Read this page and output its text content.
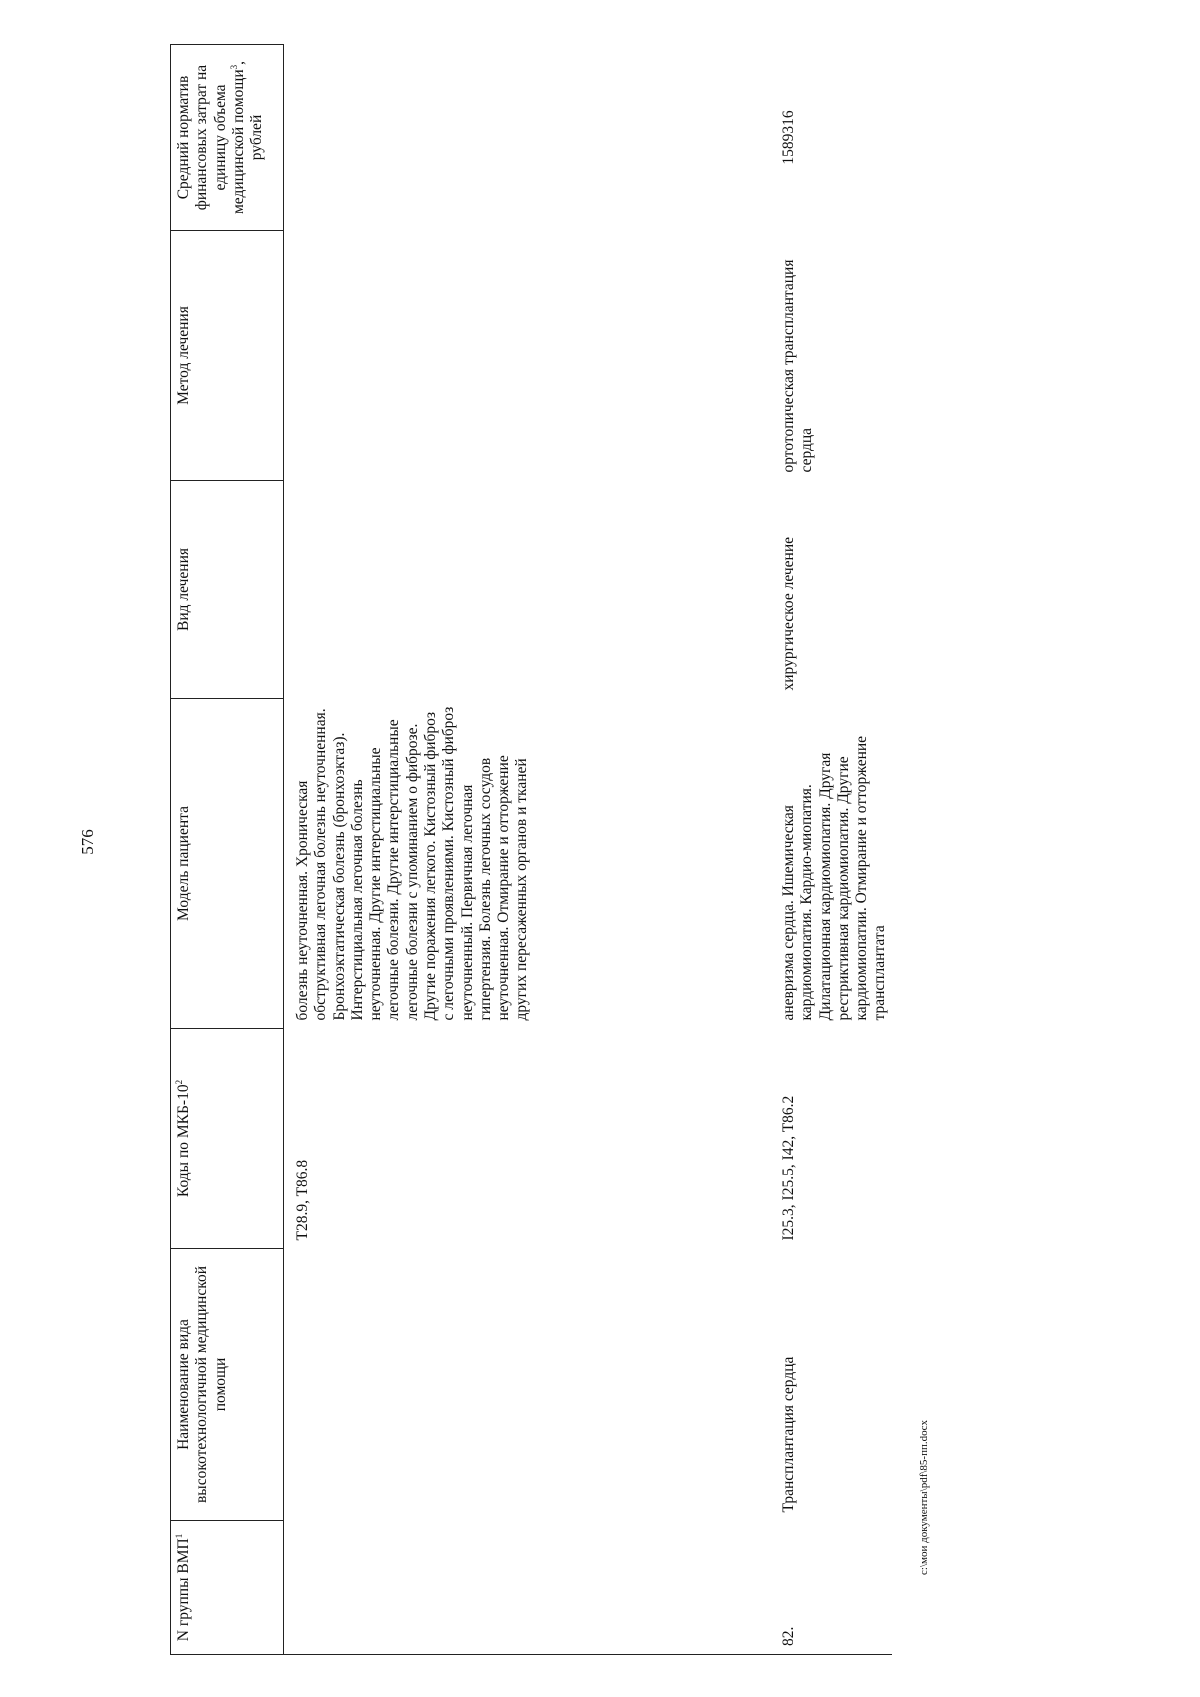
576
N группы ВМП$^1$	Наименование вида высокотехнологичной медицинской помощи	Коды по МКБ-$10^2$	Модель пациента	Вид лечения	Метод лечения	Средний норматив финансовых затрат на единицу объема медицинской помощи$^3$, рублей
		T28.9, T86.8	болезнь неуточненная. Хроническая обструктивная легочная болезнь неуточненная. Бронхоэктатическая болезнь (бронхоэктаз). Интерстициальная легочная болезнь неуточненная. Другие интерстициальные легочные болезни. Другие интерстициальные легочные болезни с упоминанием о фиброзе. Другие поражения легкого. Кистозный фиброз с легочными проявлениями. Кистозный фиброз неуточненный. Первичная легочная гипертензия. Болезнь легочных сосудов неуточненная. Отмирание и отторжение других пересаженных органов и тканей			
82.	Трансплантация сердца	I25.3, I25.5, I42, T86.2	аневризма сердца. Ишемическая кардиомиопатия. Кардио-миопатия. Дилатационная кардиомиопатия. Другая рестриктивная кардиомиопатия. Другие кардиомиопатии. Отмирание и отторжение трансплантата	хирургическое лечение	ортотопическая трансплантация сердца	1589316
c:\мои документы\pdf\85-пп.docx
